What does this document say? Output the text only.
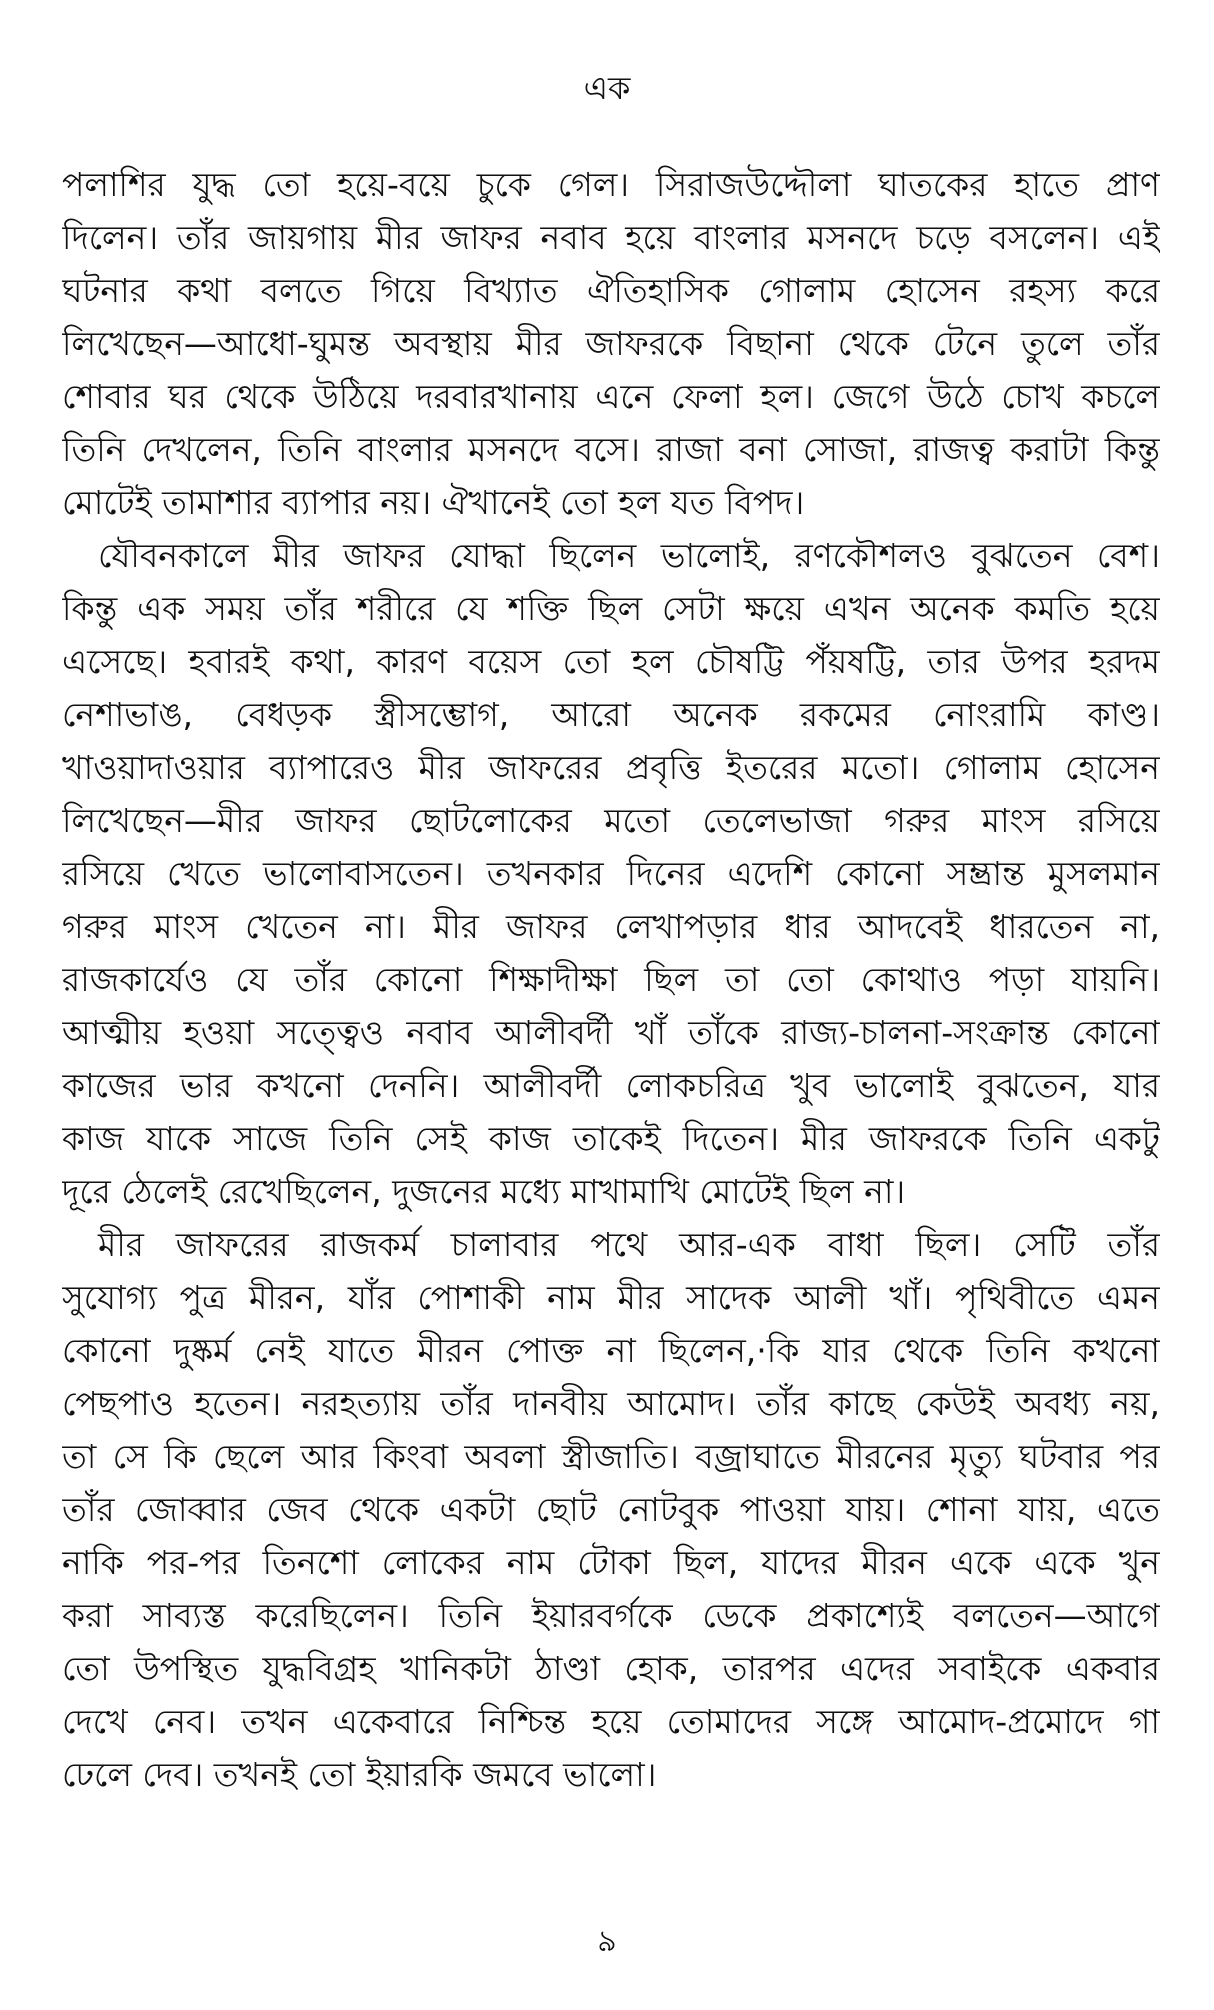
এক
পলাশির যুদ্ধ তো হয়ে-বয়ে চুকে গেল। সিরাজউদ্দৌলা ঘাতকের হাতে প্রাণ
দিলেন। তাঁর জায়গায় মীর জাফর নবাব হয়ে বাংলার মসনদে চড়ে বসলেন। এই
ঘটনার কথা বলতে গিয়ে বিখ্যাত ঐতিহাসিক গোলাম হোসেন রহস্য করে
লিখেছেন—আধো-ঘুমন্ত অবস্থায় মীর জাফরকে বিছানা থেকে টেনে তুলে তাঁর
শোবার ঘর থেকে উঠিয়ে দরবারখানায় এনে ফেলা হল। জেগে উঠে চোখ কচলে
তিনি দেখলেন, তিনি বাংলার মসনদে বসে। রাজা বনা সোজা, রাজত্ব করাটা কিন্তু
মোটেই তামাশার ব্যাপার নয়। ঐখানেই তো হল যত বিপদ।
যৌবনকালে মীর জাফর যোদ্ধা ছিলেন ভালোই, রণকৌশলও বুঝতেন বেশ।
কিন্তু এক সময় তাঁর শরীরে যে শক্তি ছিল সেটা ক্ষয়ে এখন অনেক কমতি হয়ে
এসেছে। হবারই কথা, কারণ বয়েস তো হল চৌষট্টি পঁয়ষট্টি, তার উপর হরদম
নেশাভাঙ, বেধড়ক স্ত্রীসম্ভোগ, আরো অনেক রকমের নোংরামি কাণ্ড।
খাওয়াদাওয়ার ব্যাপারেও মীর জাফরের প্রবৃত্তি ইতরের মতো। গোলাম হোসেন
লিখেছেন—মীর জাফর ছোটলোকের মতো তেলেভাজা গরুর মাংস রসিয়ে
রসিয়ে খেতে ভালোবাসতেন। তখনকার দিনের এদেশি কোনো সম্ভ্রান্ত মুসলমান
গরুর মাংস খেতেন না। মীর জাফর লেখাপড়ার ধার আদবেই ধারতেন না,
রাজকার্যেও যে তাঁর কোনো শিক্ষাদীক্ষা ছিল তা তো কোথাও পড়া যায়নি।
আত্মীয় হওয়া সত্ত্বেও নবাব আলীবর্দী খাঁ তাঁকে রাজ্য-চালনা-সংক্রান্ত কোনো
কাজের ভার কখনো দেননি। আলীবর্দী লোকচরিত্র খুব ভালোই বুঝতেন, যার
কাজ যাকে সাজে তিনি সেই কাজ তাকেই দিতেন। মীর জাফরকে তিনি একটু
দূরে ঠেলেই রেখেছিলেন, দুজনের মধ্যে মাখামাখি মোটেই ছিল না।
মীর জাফরের রাজকর্ম চালাবার পথে আর-এক বাধা ছিল। সেটি তাঁর
সুযোগ্য পুত্র মীরন, যাঁর পোশাকী নাম মীর সাদেক আলী খাঁ। পৃথিবীতে এমন
কোনো দুষ্কর্ম নেই যাতে মীরন পোক্ত না ছিলেন,·কি যার থেকে তিনি কখনো
পেছপাও হতেন। নরহত্যায় তাঁর দানবীয় আমোদ। তাঁর কাছে কেউই অবধ্য নয়,
তা সে কি ছেলে আর কিংবা অবলা স্ত্রীজাতি। বজ্রাঘাতে মীরনের মৃত্যু ঘটবার পর
তাঁর জোব্বার জেব থেকে একটা ছোট নোটবুক পাওয়া যায়। শোনা যায়, এতে
নাকি পর-পর তিনশো লোকের নাম টোকা ছিল, যাদের মীরন একে একে খুন
করা সাব্যস্ত করেছিলেন। তিনি ইয়ারবর্গকে ডেকে প্রকাশ্যেই বলতেন—আগে
তো উপস্থিত যুদ্ধবিগ্রহ খানিকটা ঠাণ্ডা হোক, তারপর এদের সবাইকে একবার
দেখে নেব। তখন একেবারে নিশ্চিন্ত হয়ে তোমাদের সঙ্গে আমোদ-প্রমোদে গা
ঢেলে দেব। তখনই তো ইয়ারকি জমবে ভালো।
৯
